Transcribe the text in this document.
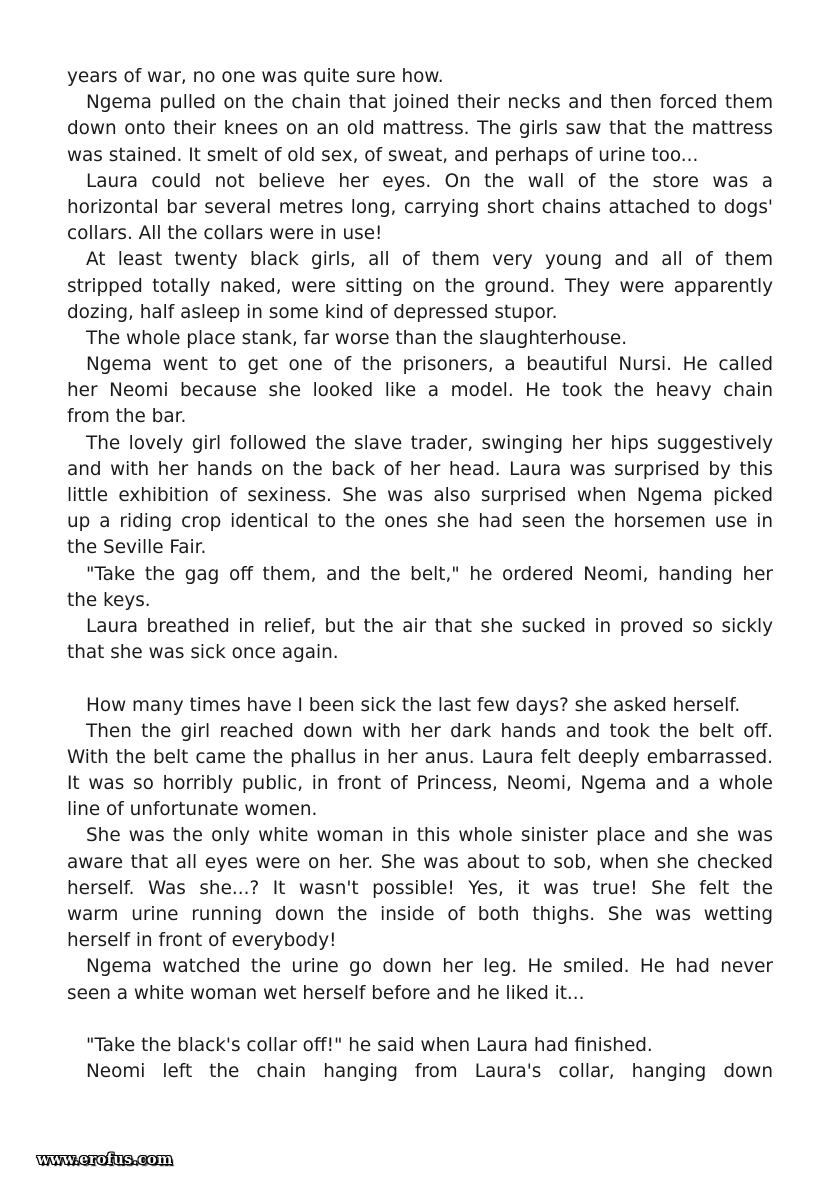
years of war, no one was quite sure how.
Ngema pulled on the chain that joined their necks and then forced them
down onto their knees on an old mattress. The girls saw that the mattress
was stained. It smelt of old sex, of sweat, and perhaps of urine too...
Laura could not believe her eyes. On the wall of the store was a
horizontal bar several metres long, carrying short chains attached to dogs'
collars. All the collars were in use!
At least twenty black girls, all of them very young and all of them
stripped totally naked, were sitting on the ground. They were apparently
dozing, half asleep in some kind of depressed stupor.
The whole place stank, far worse than the slaughterhouse.
Ngema went to get one of the prisoners, a beautiful Nursi. He called
her Neomi because she looked like a model. He took the heavy chain
from the bar.
The lovely girl followed the slave trader, swinging her hips suggestively
and with her hands on the back of her head. Laura was surprised by this
little exhibition of sexiness. She was also surprised when Ngema picked
up a riding crop identical to the ones she had seen the horsemen use in
the Seville Fair.
"Take the gag off them, and the belt," he ordered Neomi, handing her
the keys.
Laura breathed in relief, but the air that she sucked in proved so sickly
that she was sick once again.
How many times have I been sick the last few days? she asked herself.
Then the girl reached down with her dark hands and took the belt off.
With the belt came the phallus in her anus. Laura felt deeply embarrassed.
It was so horribly public, in front of Princess, Neomi, Ngema and a whole
line of unfortunate women.
She was the only white woman in this whole sinister place and she was
aware that all eyes were on her. She was about to sob, when she checked
herself. Was she...? It wasn't possible! Yes, it was true! She felt the
warm urine running down the inside of both thighs. She was wetting
herself in front of everybody!
Ngema watched the urine go down her leg. He smiled. He had never
seen a white woman wet herself before and he liked it...
"Take the black's collar off!" he said when Laura had finished.
Neomi left the chain hanging from Laura's collar, hanging down
www.erofus.com
